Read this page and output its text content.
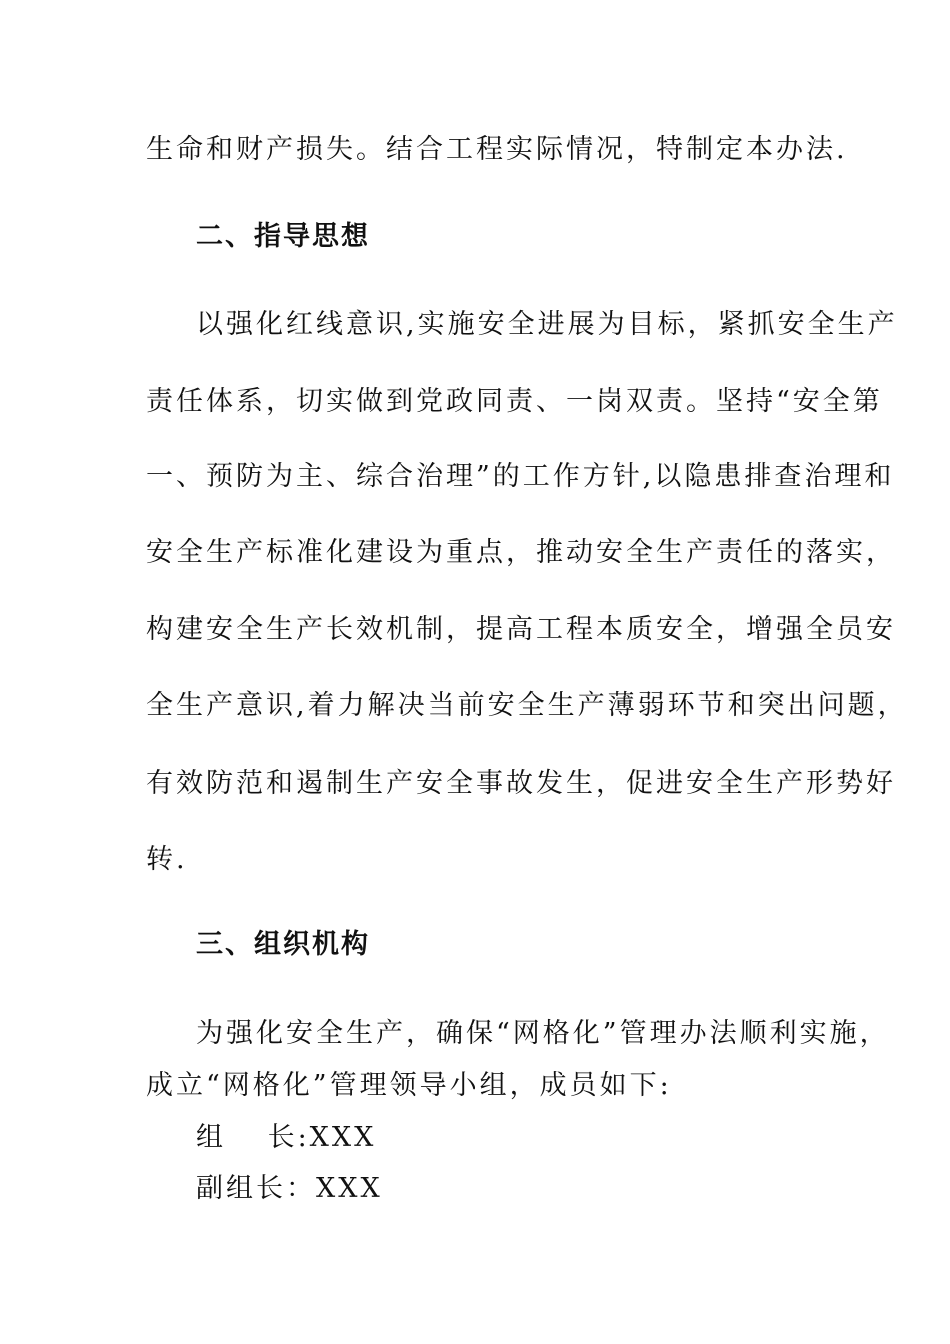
生命和财产损失。结合工程实际情况，特制定本办法.
二、指导思想
以强化红线意识,实施安全进展为目标，紧抓安全生产
责任体系，切实做到党政同责、一岗双责。坚持“安全第
一、预防为主、综合治理”的工作方针,以隐患排查治理和
安全生产标准化建设为重点，推动安全生产责任的落实，
构建安全生产长效机制，提高工程本质安全，增强全员安
全生产意识,着力解决当前安全生产薄弱环节和突出问题，
有效防范和遏制生产安全事故发生，促进安全生产形势好
转.
三、组织机构
为强化安全生产，确保“网格化”管理办法顺利实施，
成立“网格化”管理领导小组，成员如下:
组　 长:XXX
副组长：XXX
